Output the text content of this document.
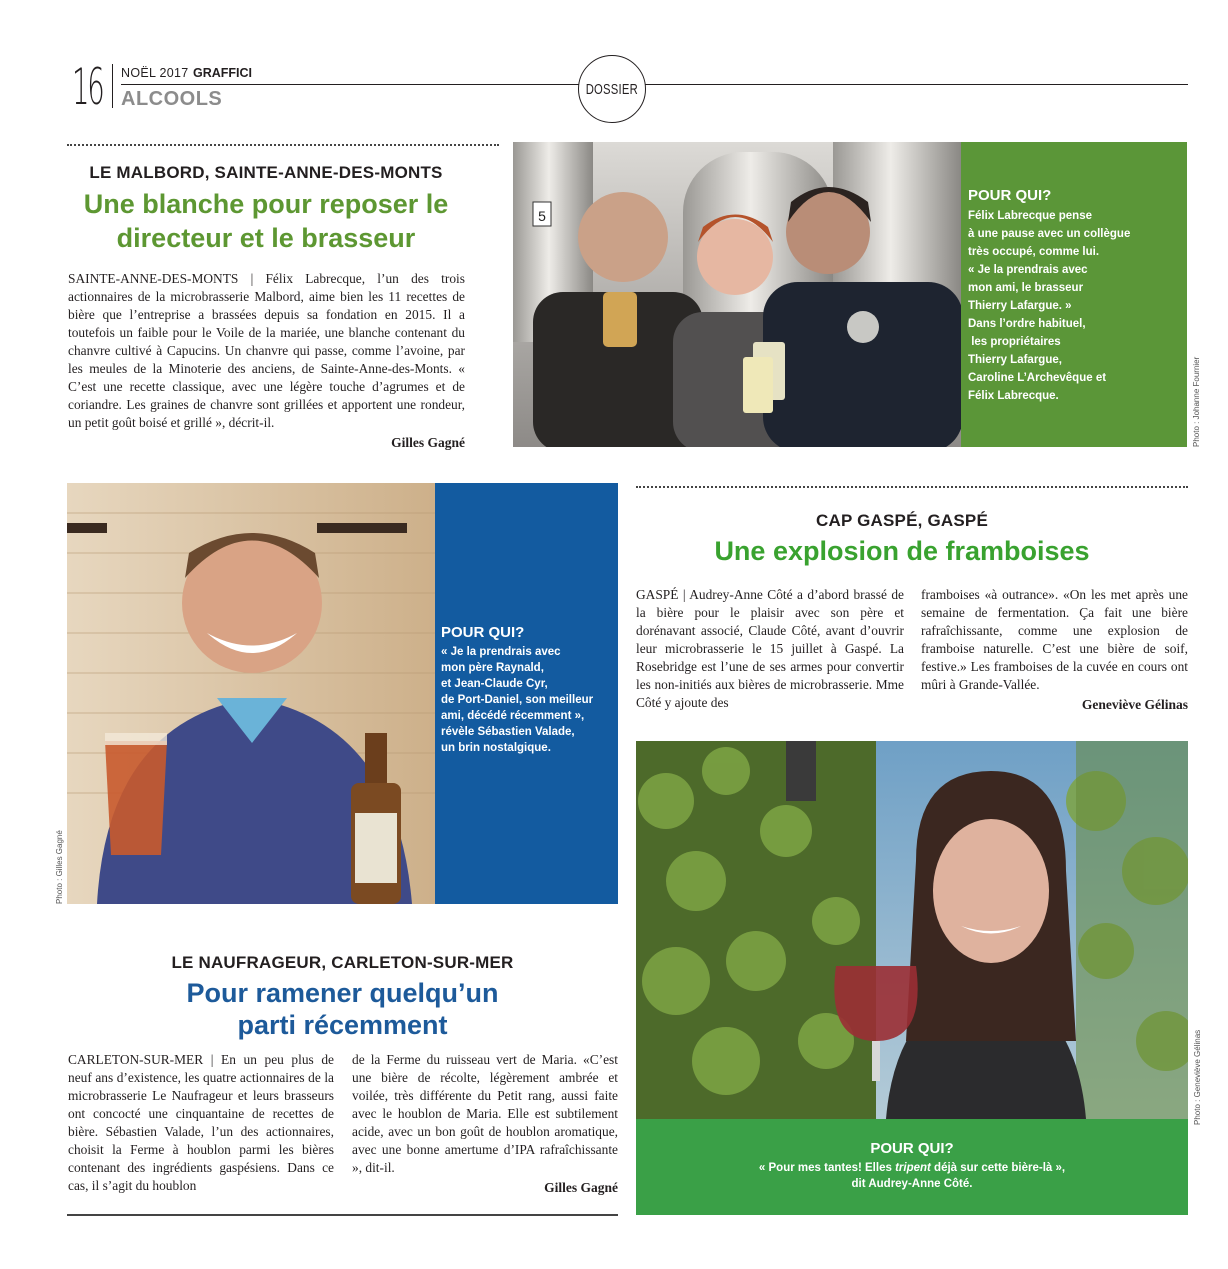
16 NOËL 2017 GRAFFICI
ALCOOLS	DOSSIER
LE MALBORD, SAINTE-ANNE-DES-MONTS
Une blanche pour reposer le
directeur et le brasseur
SAINTE-ANNE-DES-MONTS | Félix Labrecque, l’un des trois actionnaires de la microbrasserie Malbord, aime bien les 11 recettes de bière que l’entreprise a brassées depuis sa fondation en 2015. Il a toutefois un faible pour le Voile de la mariée, une blanche contenant du chanvre cultivé à Capucins. Un chanvre qui passe, comme l’avoine, par les meules de la Minoterie des anciens, de Sainte-Anne-des-Monts. « C’est une recette classique, avec une légère touche d’agrumes et de coriandre. Les graines de chanvre sont grillées et apportent une rondeur, un petit goût boisé et grillé », décrit-il.
Gilles Gagné
5
POUR QUI?
Félix Labrecque pense
à une pause avec un collègue
très occupé, comme lui.
« Je la prendrais avec
mon ami, le brasseur
Thierry Lafargue. »
Dans l’ordre habituel,
les propriétaires
Thierry Lafargue,
Caroline L’Archevêque et
Félix Labrecque.	Photo : Johanne Fournier
POUR QUI?
« Je la prendrais avec
mon père Raynald,
et Jean-Claude Cyr,
de Port-Daniel, son meilleur
ami, décédé récemment »,
révèle Sébastien Valade,
un brin nostalgique.
Photo : Gilles Gagné
LE NAUFRAGEUR, CARLETON-SUR-MER
Pour ramener quelqu’un
parti récemment
CARLETON-SUR-MER | En un peu plus de neuf ans d’existence, les quatre actionnaires de la microbrasserie Le Naufrageur et leurs brasseurs ont concocté une cinquantaine de recettes de bière. Sébastien Valade, l’un des actionnaires, choisit la Ferme à houblon parmi les bières contenant des ingrédients gaspésiens. Dans ce cas, il s’agit du houblon
de la Ferme du ruisseau vert de Maria. «C’est une bière de récolte, légèrement ambrée et voilée, très différente du Petit rang, aussi faite avec le houblon de Maria. Elle est subtilement acide, avec un bon goût de houblon aromatique, avec une bonne amertume d’IPA rafraîchissante », dit-il.
Gilles Gagné
CAP GASPÉ, GASPÉ
Une explosion de framboises
GASPÉ | Audrey-Anne Côté a d’abord brassé de la bière pour le plaisir avec son père et dorénavant associé, Claude Côté, avant d’ouvrir leur microbrasserie le 15 juillet à Gaspé. La Rosebridge est l’une de ses armes pour convertir les non-initiés aux bières de microbrasserie. Mme Côté y ajoute des
framboises «à outrance». «On les met après une semaine de fermentation. Ça fait une bière rafraîchissante, comme une explosion de framboise naturelle. C’est une bière de soif, festive.» Les framboises de la cuvée en cours ont mûri à Grande-Vallée.
Geneviève Gélinas
Photo : Geneviève Gélinas
POUR QUI?
« Pour mes tantes! Elles tripent déjà sur cette bière-là »,
dit Audrey-Anne Côté.
